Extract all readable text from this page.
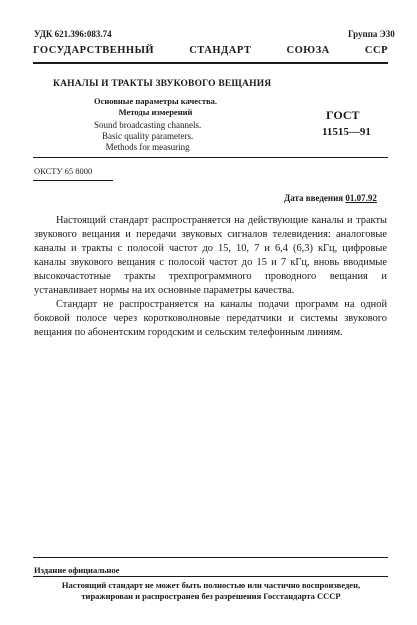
УДК 621.396:083.74	Группа Э30
ГОСУДАРСТВЕННЫЙ СТАНДАРТ СОЮЗА ССР
КАНАЛЫ И ТРАКТЫ ЗВУКОВОГО ВЕЩАНИЯ
Основные параметры качества.
Методы измерений
Sound broadcasting channels.
Basic quality parameters.
Methods for measuring
ГОСТ
11515—91
ОКСТУ 65 8000
Дата введения 01.07.92

Настоящий стандарт распространяется на действующие каналы и тракты звукового вещания и передачи звуковых сигналов телевидения: аналоговые каналы и тракты с полосой частот до 15, 10, 7 и 6,4 (6,3) кГц, цифровые каналы звукового вещания с полосой частот до 15 и 7 кГц, вновь вводимые высокочастотные тракты трехпрограммного проводного вещания и устанавливает нормы на их основные параметры качества.

Стандарт не распространяется на каналы подачи программ на одной боковой полосе через коротковолновые передатчики и системы звукового вещания по абонентским городским и сельским телефонным линиям.

Издание официальное
Настоящий стандарт не может быть полностью или частично воспроизведен,
тиражирован и распространен без разрешения Госстандарта СССР
